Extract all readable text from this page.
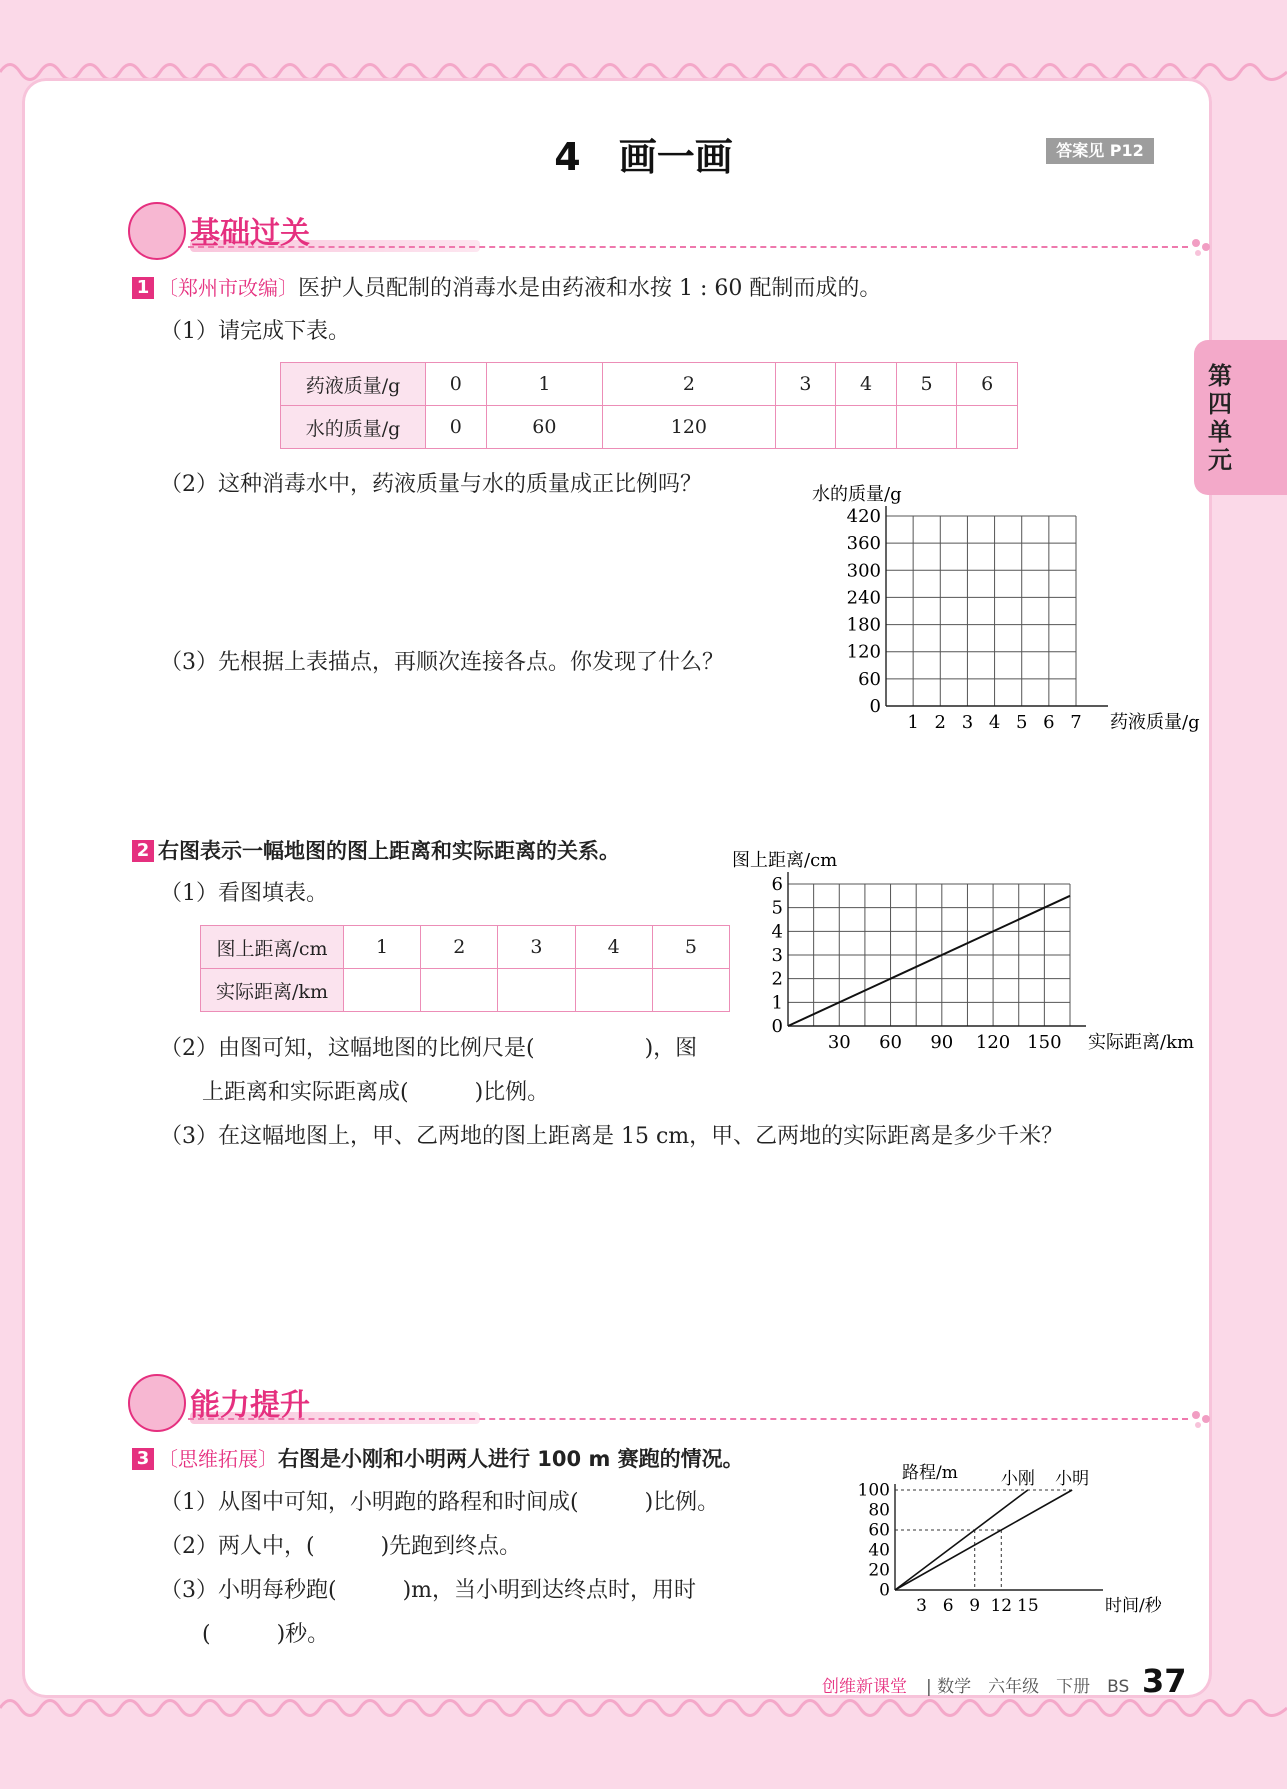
4　画一画	答案见 P12
第四单元
基础过关
1 〔郑州市改编〕医护人员配制的消毒水是由药液和水按 1 : 60 配制而成的。
（1）请完成下表。
药液质量/g	0	1	2	3	4	5	6
水的质量/g	0	60	120				
（2）这种消毒水中，药液质量与水的质量成正比例吗？
（3）先根据上表描点，再顺次连接各点。你发现了什么？
1 2 3 4 5 6 7
60
120
180
240
300
360
420
0
药液质量/g
水的质量/g
2 右图表示一幅地图的图上距离和实际距离的关系。
（1）看图填表。
图上距离/cm	1	2	3	4	5
实际距离/km					
（2）由图可知，这幅地图的比例尺是(　　　　　)，图
上距离和实际距离成(　　　)比例。
（3）在这幅地图上，甲、乙两地的图上距离是 15 cm，甲、乙两地的实际距离是多少千米？
30 60 90 120 150
1
2
3
4
5
6
0
实际距离/km
图上距离/cm
能力提升
3 〔思维拓展〕右图是小刚和小明两人进行 100 m 赛跑的情况。
（1）从图中可知，小明跑的路程和时间成(　　　)比例。
（2）两人中，(　　　)先跑到终点。
（3）小明每秒跑(　　　)m，当小明到达终点时，用时
(　　　)秒。
3 6 9 12 15
20
40
60
80
100
0
时间/秒
路程/m	小刚 小明
创维新课堂 | 数学　六年级　下册　BS 37
